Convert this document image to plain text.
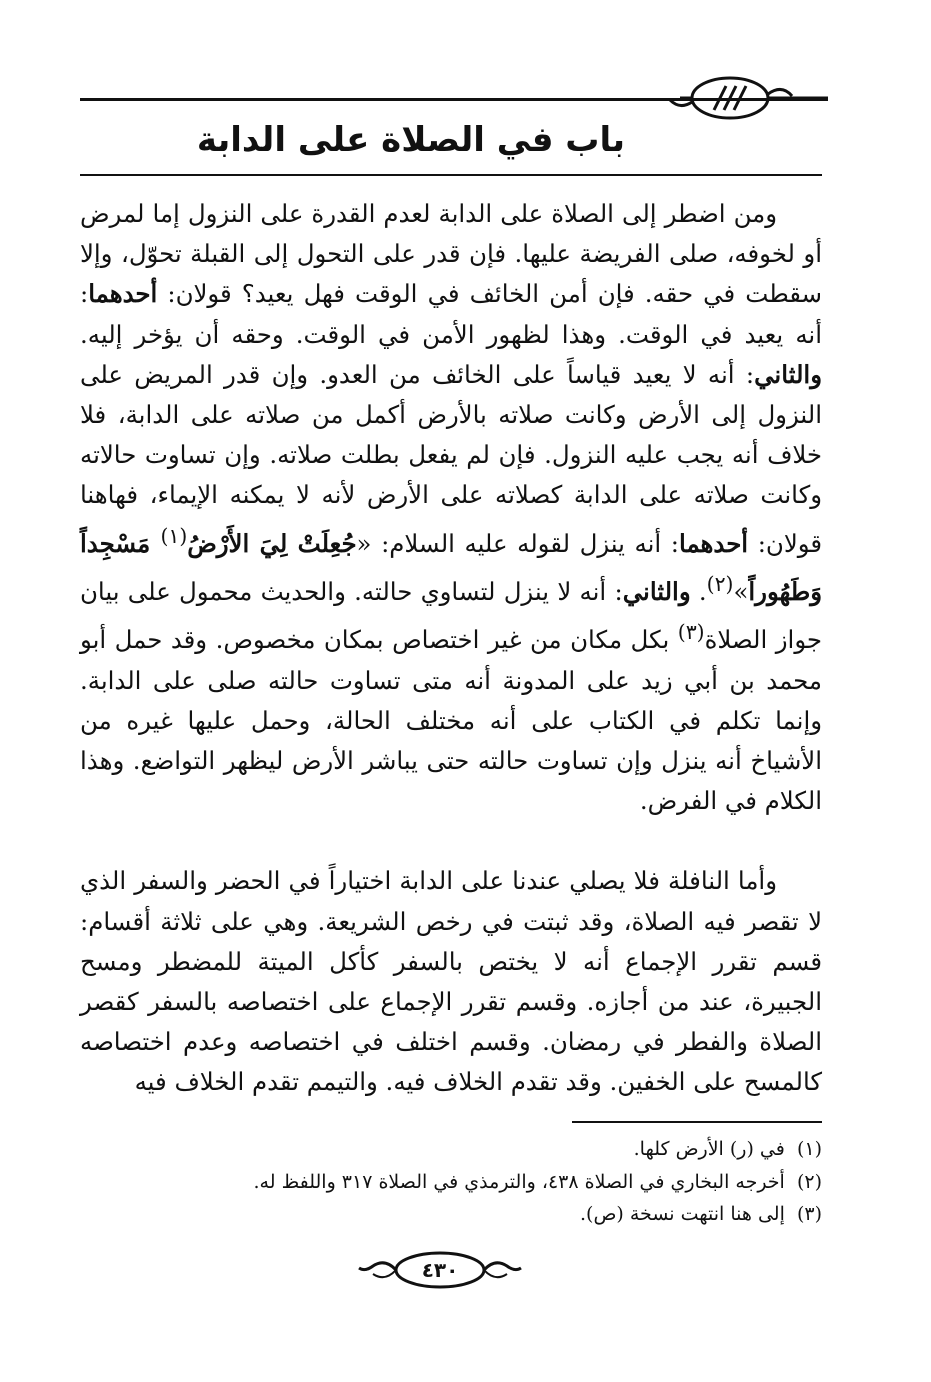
باب في الصلاة على الدابة

ومن اضطر إلى الصلاة على الدابة لعدم القدرة على النزول إما لمرض أو لخوفه، صلى الفريضة عليها. فإن قدر على التحول إلى القبلة تحوّل، وإلا سقطت في حقه. فإن أمن الخائف في الوقت فهل يعيد؟ قولان: أحدهما: أنه يعيد في الوقت. وهذا لظهور الأمن في الوقت. وحقه أن يؤخر إليه. والثاني: أنه لا يعيد قياساً على الخائف من العدو. وإن قدر المريض على النزول إلى الأرض وكانت صلاته بالأرض أكمل من صلاته على الدابة، فلا خلاف أنه يجب عليه النزول. فإن لم يفعل بطلت صلاته. وإن تساوت حالاته وكانت صلاته على الدابة كصلاته على الأرض لأنه لا يمكنه الإيماء، فهاهنا قولان: أحدهما: أنه ينزل لقوله عليه السلام: «جُعِلَتْ لِيَ الأَرْضُ$^{(١)}$ مَسْجِداً وَطَهُوراً»$^{(٢)}$. والثاني: أنه لا ينزل لتساوي حالته. والحديث محمول على بيان جواز الصلاة$^{(٣)}$ بكل مكان من غير اختصاص بمكان مخصوص. وقد حمل أبو محمد بن أبي زيد على المدونة أنه متى تساوت حالته صلى على الدابة. وإنما تكلم في الكتاب على أنه مختلف الحالة، وحمل عليها غيره من الأشياخ أنه ينزل وإن تساوت حالته حتى يباشر الأرض ليظهر التواضع. وهذا الكلام في الفرض.

وأما النافلة فلا يصلي عندنا على الدابة اختياراً في الحضر والسفر الذي لا تقصر فيه الصلاة، وقد ثبتت في رخص الشريعة. وهي على ثلاثة أقسام: قسم تقرر الإجماع أنه لا يختص بالسفر كأكل الميتة للمضطر ومسح الجبيرة، عند من أجازه. وقسم تقرر الإجماع على اختصاصه بالسفر كقصر الصلاة والفطر في رمضان. وقسم اختلف في اختصاصه وعدم اختصاصه كالمسح على الخفين. وقد تقدم الخلاف فيه. والتيمم تقدم الخلاف فيه

(١)  في (ر) الأرض كلها.
(٢)  أخرجه البخاري في الصلاة ٤٣٨، والترمذي في الصلاة ٣١٧ واللفظ له.
(٣)  إلى هنا انتهت نسخة (ص).
٤٣٠
